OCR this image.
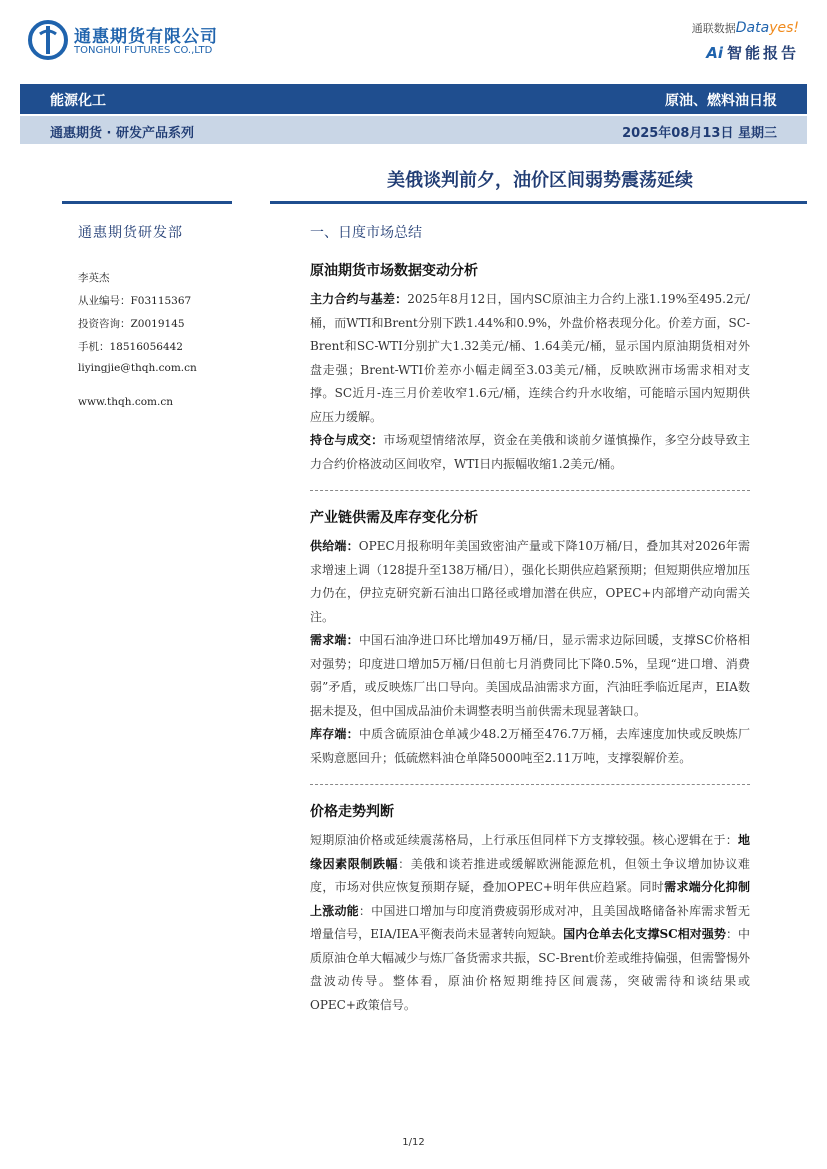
通惠期货有限公司
TONGHUI FUTURES CO.,LTD
通联数据Datayes!
Ai 智能报告
能源化工	原油、燃料油日报
通惠期货 · 研发产品系列	2025年08月13日 星期三
美俄谈判前夕，油价区间弱势震荡延续
通惠期货研发部
李英杰
从业编号：F03115367
投资咨询：Z0019145
手机：18516056442
liyingjie@thqh.com.cn
www.thqh.com.cn
一、日度市场总结
原油期货市场数据变动分析

主力合约与基差：2025年8月12日，国内SC原油主力合约上涨1.19%至495.2元/桶，而WTI和Brent分别下跌1.44%和0.9%，外盘价格表现分化。价差方面，SC-Brent和SC-WTI分别扩大1.32美元/桶、1.64美元/桶，显示国内原油期货相对外盘走强；Brent-WTI价差亦小幅走阔至3.03美元/桶，反映欧洲市场需求相对支撑。SC近月-连三月价差收窄1.6元/桶，连续合约升水收缩，可能暗示国内短期供应压力缓解。

持仓与成交：市场观望情绪浓厚，资金在美俄和谈前夕谨慎操作，多空分歧导致主力合约价格波动区间收窄，WTI日内振幅收缩1.2美元/桶。

产业链供需及库存变化分析

供给端：OPEC月报称明年美国致密油产量或下降10万桶/日，叠加其对2026年需求增速上调（128提升至138万桶/日），强化长期供应趋紧预期；但短期供应增加压力仍在，伊拉克研究新石油出口路径或增加潜在供应，OPEC+内部增产动向需关注。

需求端：中国石油净进口环比增加49万桶/日，显示需求边际回暖，支撑SC价格相对强势；印度进口增加5万桶/日但前七月消费同比下降0.5%，呈现“进口增、消费弱”矛盾，或反映炼厂出口导向。美国成品油需求方面，汽油旺季临近尾声，EIA数据未提及，但中国成品油价未调整表明当前供需未现显著缺口。

库存端：中质含硫原油仓单减少48.2万桶至476.7万桶，去库速度加快或反映炼厂采购意愿回升；低硫燃料油仓单降5000吨至2.11万吨，支撑裂解价差。

价格走势判断

短期原油价格或延续震荡格局，上行承压但同样下方支撑较强。核心逻辑在于：地缘因素限制跌幅：美俄和谈若推进或缓解欧洲能源危机，但领土争议增加协议难度，市场对供应恢复预期存疑，叠加OPEC+明年供应趋紧。同时需求端分化抑制上涨动能：中国进口增加与印度消费疲弱形成对冲，且美国战略储备补库需求暂无增量信号，EIA/IEA平衡表尚未显著转向短缺。国内仓单去化支撑SC相对强势：中质原油仓单大幅减少与炼厂备货需求共振，SC-Brent价差或维持偏强，但需警惕外盘波动传导。整体看，原油价格短期维持区间震荡，突破需待和谈结果或OPEC+政策信号。

1/12
